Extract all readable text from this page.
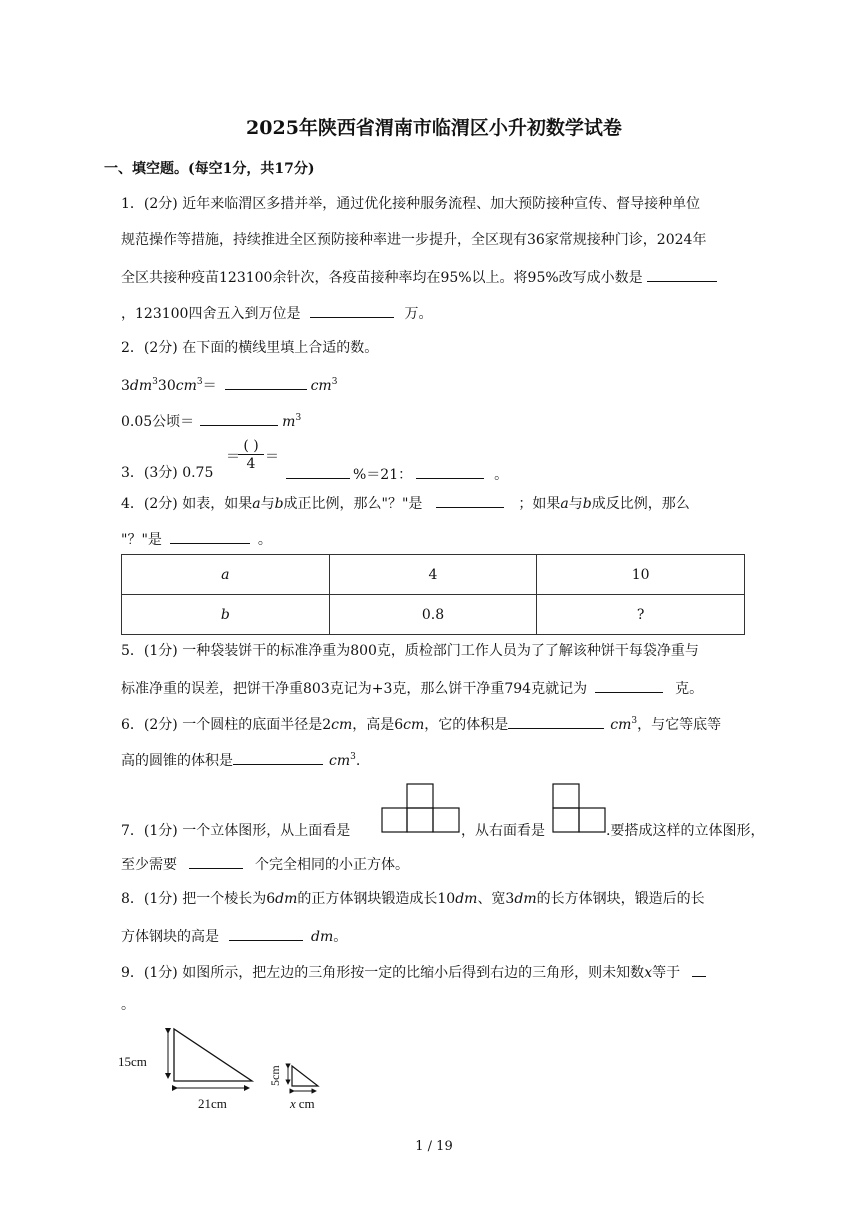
2025年陕西省渭南市临渭区小升初数学试卷
一、填空题。(每空1分，共17分)
1．(2分) 近年来临渭区多措并举，通过优化接种服务流程、加大预防接种宣传、督导接种单位
规范操作等措施，持续推进全区预防接种率进一步提升，全区现有36家常规接种门诊，2024年
全区共接种疫苗123100余针次，各疫苗接种率均在95%以上。将95%改写成小数是
，123100四舍五入到万位是	万。
2．(2分) 在下面的横线里填上合适的数。
$3dm^330cm^3=$	$cm^3$
0.05公顷＝	$m^3$
3．(3分) 0.75
＝
( )
4 ＝
%＝21：	。
4．(2分) 如表，如果a与b成正比例，那么"？"是	；如果a与b成反比例，那么
"？"是	。
a	4	10
b	0.8	?
5．(1分) 一种袋装饼干的标准净重为800克，质检部门工作人员为了了解该种饼干每袋净重与
标准净重的误差，把饼干净重803克记为+3克，那么饼干净重794克就记为	克。
6．(2分) 一个圆柱的底面半径是2cm，高是6cm，它的体积是	$cm^3$，与它等底等
高的圆锥的体积是	$cm^3$.
7．(1分) 一个立体图形，从上面看是	，从右面看是	.要搭成这样的立体图形，
至少需要	个完全相同的小正方体。
8．(1分) 把一个棱长为6dm的正方体钢块锻造成长10dm、宽3dm的长方体钢块，锻造后的长
方体钢块的高是	dm。
9．(1分) 如图所示，把左边的三角形按一定的比缩小后得到右边的三角形，则未知数x等于
。
15cm
21cm
5cm
x cm
1 / 19
